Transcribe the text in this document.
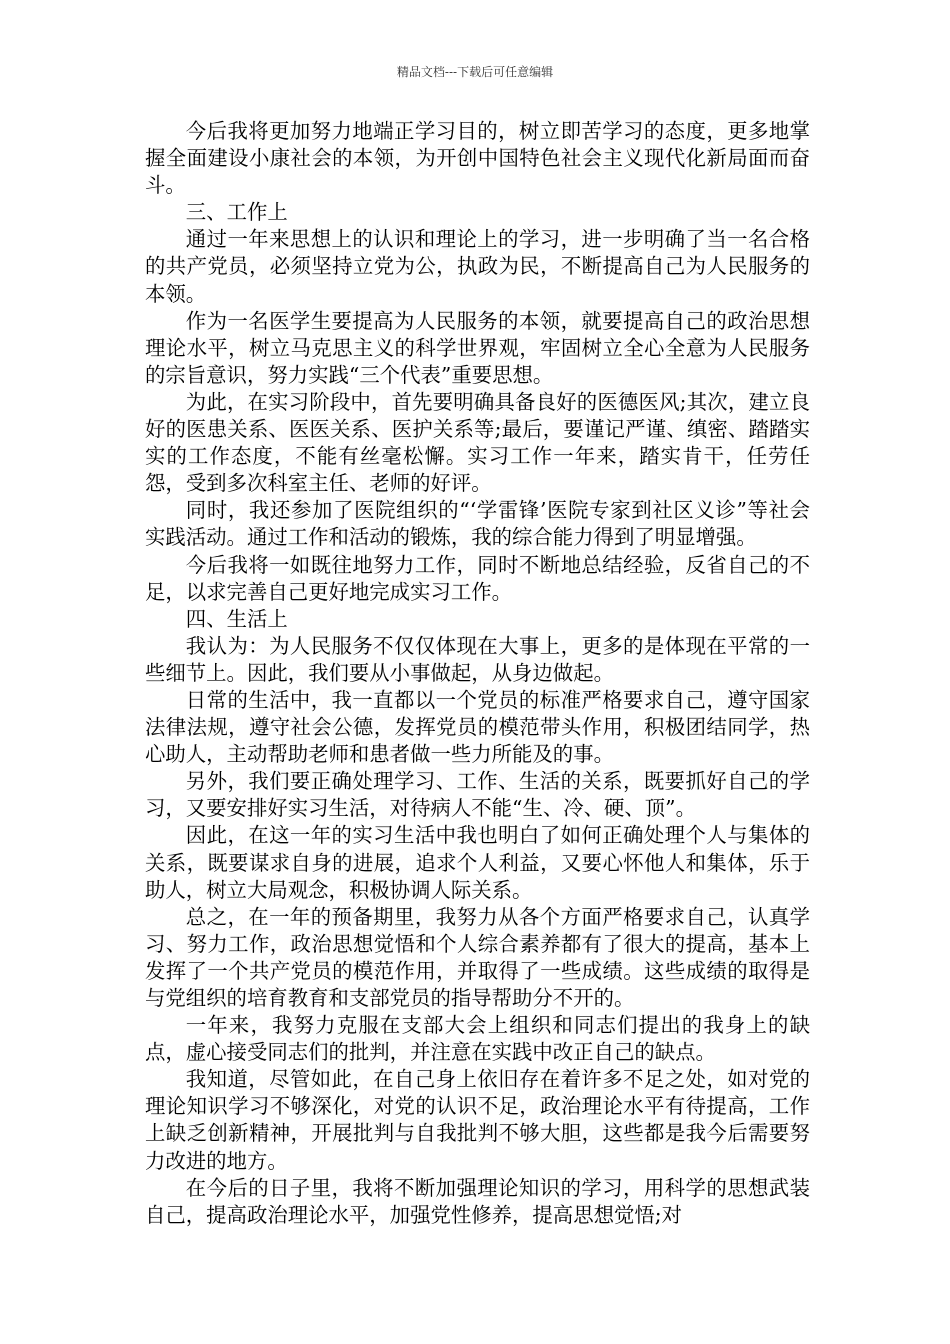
精品文档---下载后可任意编辑

今后我将更加努力地端正学习目的，树立即苦学习的态度，更多地掌握全面建设小康社会的本领，为开创中国特色社会主义现代化新局面而奋斗。

三、工作上

通过一年来思想上的认识和理论上的学习，进一步明确了当一名合格的共产党员，必须坚持立党为公，执政为民，不断提高自己为人民服务的本领。

作为一名医学生要提高为人民服务的本领，就要提高自己的政治思想理论水平，树立马克思主义的科学世界观，牢固树立全心全意为人民服务的宗旨意识，努力实践“三个代表”重要思想。

为此，在实习阶段中，首先要明确具备良好的医德医风;其次，建立良好的医患关系、医医关系、医护关系等;最后，要谨记严谨、缜密、踏踏实实的工作态度，不能有丝毫松懈。实习工作一年来，踏实肯干，任劳任怨，受到多次科室主任、老师的好评。

同时，我还参加了医院组织的“‘学雷锋’医院专家到社区义诊”等社会实践活动。通过工作和活动的锻炼，我的综合能力得到了明显增强。

今后我将一如既往地努力工作，同时不断地总结经验，反省自己的不足，以求完善自己更好地完成实习工作。

四、生活上

我认为：为人民服务不仅仅体现在大事上，更多的是体现在平常的一些细节上。因此，我们要从小事做起，从身边做起。

日常的生活中，我一直都以一个党员的标准严格要求自己，遵守国家法律法规，遵守社会公德，发挥党员的模范带头作用，积极团结同学，热心助人，主动帮助老师和患者做一些力所能及的事。

另外，我们要正确处理学习、工作、生活的关系，既要抓好自己的学习，又要安排好实习生活，对待病人不能“生、冷、硬、顶”。

因此，在这一年的实习生活中我也明白了如何正确处理个人与集体的关系，既要谋求自身的进展，追求个人利益，又要心怀他人和集体，乐于助人，树立大局观念，积极协调人际关系。

总之，在一年的预备期里，我努力从各个方面严格要求自己，认真学习、努力工作，政治思想觉悟和个人综合素养都有了很大的提高，基本上发挥了一个共产党员的模范作用，并取得了一些成绩。这些成绩的取得是与党组织的培育教育和支部党员的指导帮助分不开的。

一年来，我努力克服在支部大会上组织和同志们提出的我身上的缺点，虚心接受同志们的批判，并注意在实践中改正自己的缺点。

我知道，尽管如此，在自己身上依旧存在着许多不足之处，如对党的理论知识学习不够深化，对党的认识不足，政治理论水平有待提高，工作上缺乏创新精神，开展批判与自我批判不够大胆，这些都是我今后需要努力改进的地方。

在今后的日子里，我将不断加强理论知识的学习，用科学的思想武装自己，提高政治理论水平，加强党性修养，提高思想觉悟;对
